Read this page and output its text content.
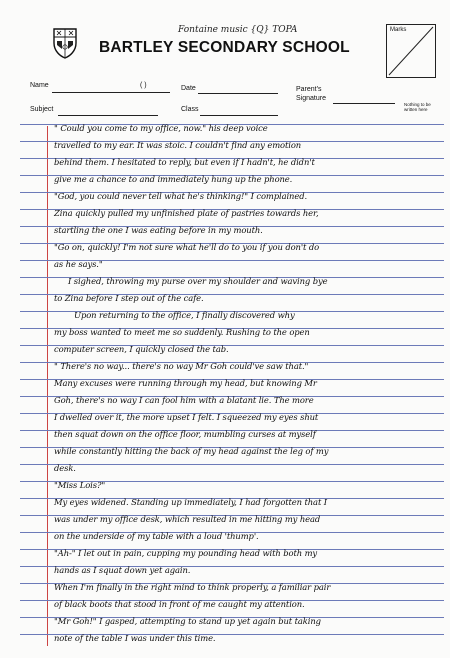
Fontaine music {Q} TOPA
BARTLEY SECONDARY SCHOOL
Marks
Name	( )	Date	Parent's
Signature
Subject	Class
Nothing to be written here
" Could you come to my office, now." his deep voice
travelled to my ear. It was stoic. I couldn't find any emotion
behind them. I hesitated to reply, but even if I hadn't, he didn't
give me a chance to and immediately hung up the phone.
"God, you could never tell what he's thinking!" I complained.
Zina quickly pulled my unfinished plate of pastries towards her,
startling the one I was eating before in my mouth.
"Go on, quickly! I'm not sure what he'll do to you if you don't do
as he says."
I sighed, throwing my purse over my shoulder and waving bye
to Zina before I step out of the cafe.
Upon returning to the office, I finally discovered why
my boss wanted to meet me so suddenly. Rushing to the open
computer screen, I quickly closed the tab.
" There's no way... there's no way Mr Goh could've saw that."
Many excuses were running through my head, but knowing Mr
Goh, there's no way I can fool him with a blatant lie. The more
I dwelled over it, the more upset I felt. I squeezed my eyes shut
then squat down on the office floor, mumbling curses at myself
while constantly hitting the back of my head against the leg of my
desk.
"Miss Lois?"
My eyes widened. Standing up immediately, I had forgotten that I
was under my office desk, which resulted in me hitting my head
on the underside of my table with a loud 'thump'.
"Ah-" I let out in pain, cupping my pounding head with both my
hands as I squat down yet again.
When I'm finally in the right mind to think properly, a familiar pair
of black boots that stood in front of me caught my attention.
"Mr Goh!" I gasped, attempting to stand up yet again but taking
note of the table I was under this time.
